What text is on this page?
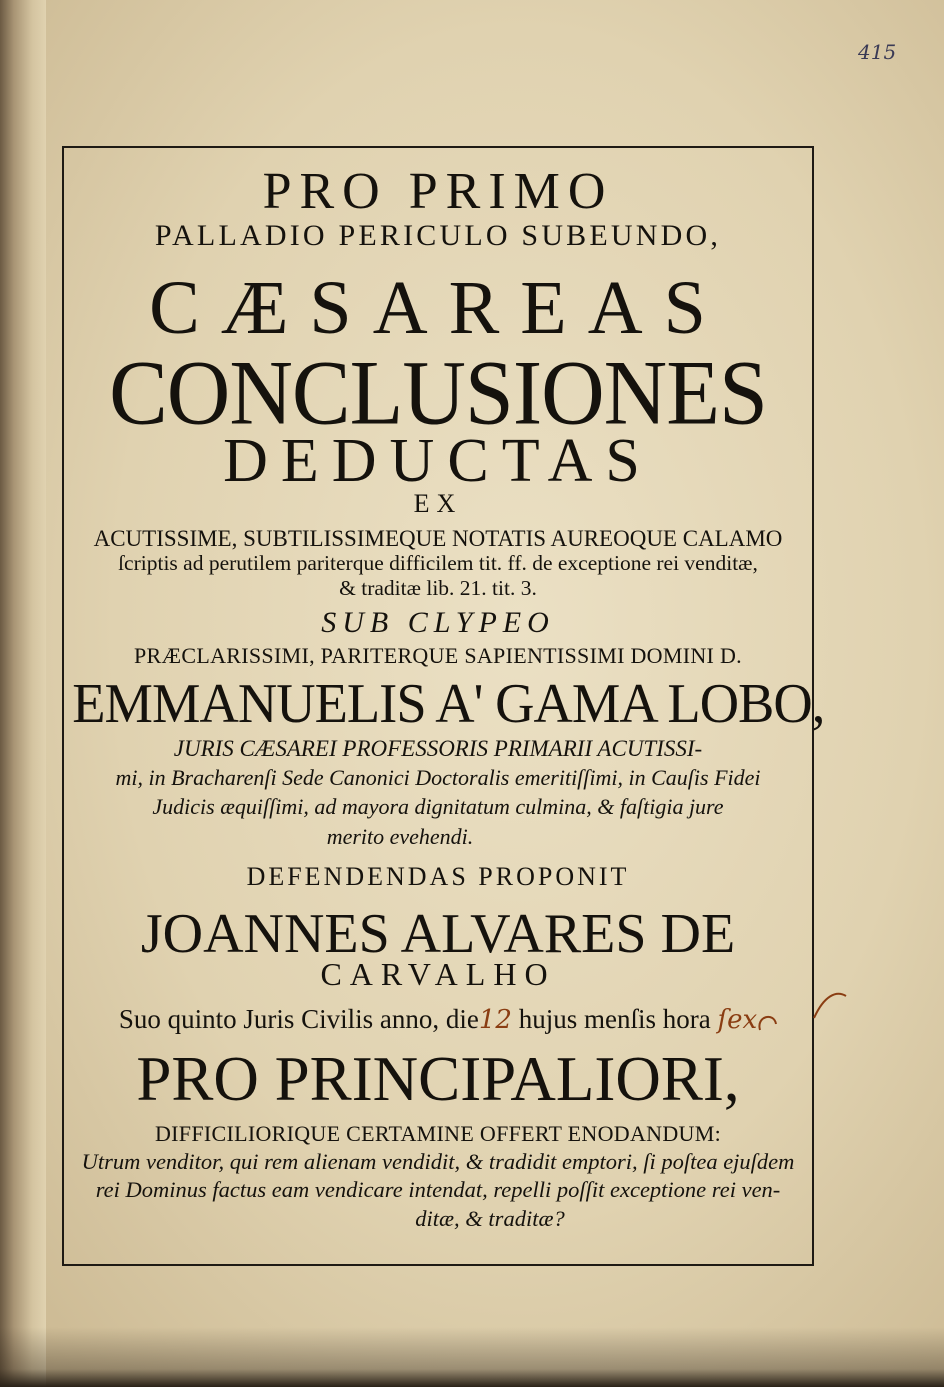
415
PRO PRIMO
PALLADIO PERICULO SUBEUNDO,
CÆSAREAS
CONCLUSIONES
DEDUCTAS
EX
ACUTISSIME, SUBTILISSIMEQUE NOTATIS AUREOQUE CALAMO
ſcriptis ad perutilem pariterque difficilem tit. ff. de exceptione rei venditæ,
& traditæ lib. 21. tit. 3.
SUB CLYPEO
PRÆCLARISSIMI, PARITERQUE SAPIENTISSIMI DOMINI D.
EMMANUELIS A' GAMA LOBO,
JURIS CÆSAREI PROFESSORIS PRIMARII ACUTISSI-
mi, in Bracharenſi Sede Canonici Doctoralis emeritiſſimi, in Cauſis Fidei
Judicis æquiſſimi, ad mayora dignitatum culmina, & faſtigia jure
merito evehendi.
DEFENDENDAS PROPONIT
JOANNES ALVARES DE
CARVALHO
Suo quinto Juris Civilis anno, die12 hujus menſis hora ſex
PRO PRINCIPALIORI,
DIFFICILIORIQUE CERTAMINE OFFERT ENODANDUM:
Utrum venditor, qui rem alienam vendidit, & tradidit emptori, ſi poſtea ejuſdem
rei Dominus factus eam vendicare intendat, repelli poſſit exceptione rei ven-
ditæ, & traditæ?
